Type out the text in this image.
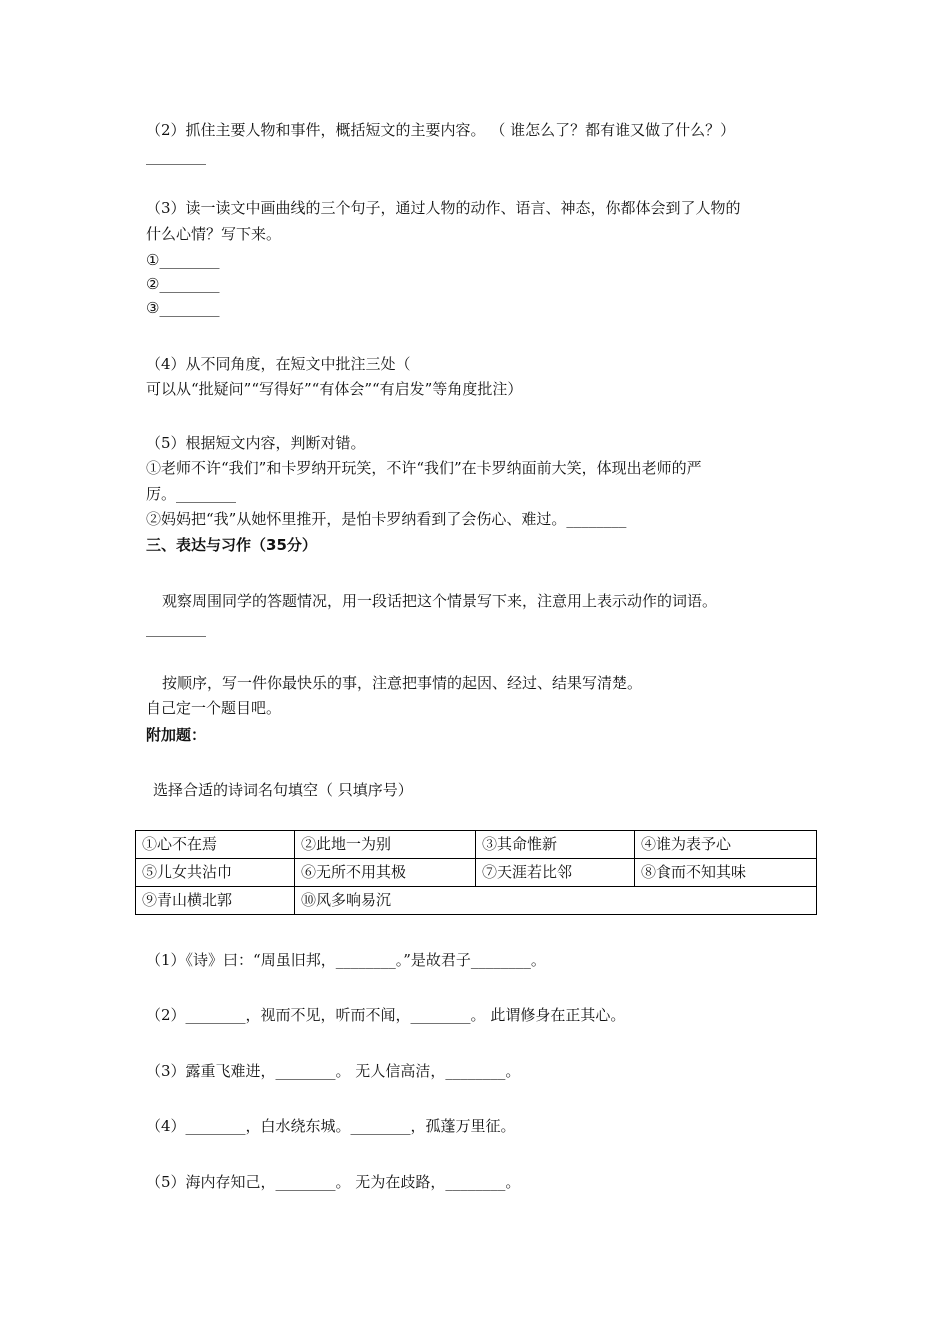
（2）抓住主要人物和事件，概括短文的主要内容。 （ 谁怎么了？都有谁又做了什么？）
________
（3）读一读文中画曲线的三个句子，通过人物的动作、语言、神态，你都体会到了人物的
什么心情？写下来。
①________
②________
③________
（4）从不同角度，在短文中批注三处（
可以从“批疑问”“写得好”“有体会”“有启发”等角度批注）
（5）根据短文内容，判断对错。
①老师不许“我们”和卡罗纳开玩笑，不许“我们”在卡罗纳面前大笑，体现出老师的严
厉。________
②妈妈把“我”从她怀里推开，是怕卡罗纳看到了会伤心、难过。________
三、表达与习作（35分）
观察周围同学的答题情况，用一段话把这个情景写下来，注意用上表示动作的词语。
________
按顺序，写一件你最快乐的事，注意把事情的起因、经过、结果写清楚。
自己定一个题目吧。
附加题：
选择合适的诗词名句填空（ 只填序号）
①心不在焉	②此地一为别	③其命惟新	④谁为表予心
⑤儿女共沾巾	⑥无所不用其极	⑦天涯若比邻	⑧食而不知其味
⑨青山横北郭	⑩风多响易沉		
（1）《诗》曰：“周虽旧邦，________。”是故君子________。
（2）________，视而不见，听而不闻，________。 此谓修身在正其心。
（3）露重飞难进，________。 无人信高洁，________。
（4）________，白水绕东城。________，孤蓬万里征。
（5）海内存知己，________。 无为在歧路，________。
